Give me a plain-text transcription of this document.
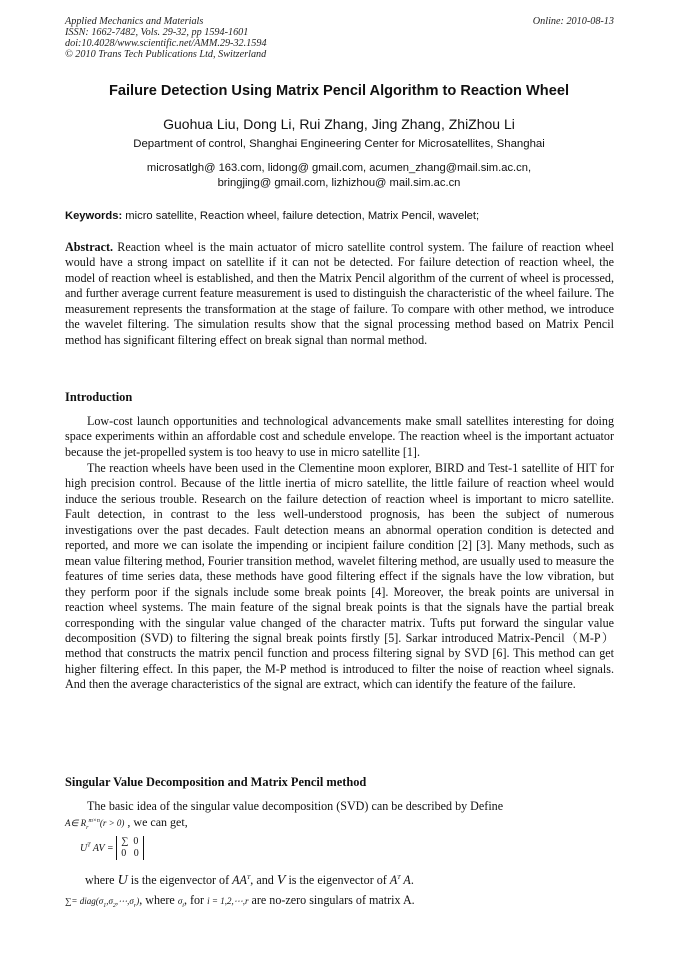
Applied Mechanics and Materials
ISSN: 1662-7482, Vols. 29-32, pp 1594-1601
doi:10.4028/www.scientific.net/AMM.29-32.1594
© 2010 Trans Tech Publications Ltd, Switzerland
Online: 2010-08-13
Failure Detection Using Matrix Pencil Algorithm to Reaction Wheel
Guohua Liu, Dong Li, Rui Zhang, Jing Zhang, ZhiZhou Li
Department of control, Shanghai Engineering Center for Microsatellites, Shanghai
microsatlgh@ 163.com, lidong@ gmail.com, acumen_zhang@mail.sim.ac.cn,
bringjing@ gmail.com, lizhizhou@ mail.sim.ac.cn
Keywords: micro satellite, Reaction wheel, failure detection, Matrix Pencil, wavelet;
Abstract. Reaction wheel is the main actuator of micro satellite control system. The failure of reaction wheel would have a strong impact on satellite if it can not be detected. For failure detection of reaction wheel, the model of reaction wheel is established, and then the Matrix Pencil algorithm of the current of wheel is processed, and further average current feature measurement is used to distinguish the characteristic of the wheel failure. The measurement represents the transformation at the stage of failure. To compare with other method, we introduce the wavelet filtering. The simulation results show that the signal processing method based on Matrix Pencil method has significant filtering effect on break signal than normal method.
Introduction
Low-cost launch opportunities and technological advancements make small satellites interesting for doing space experiments within an affordable cost and schedule envelope. The reaction wheel is the important actuator because the jet-propelled system is too heavy to use in micro satellite [1].
The reaction wheels have been used in the Clementine moon explorer, BIRD and Test-1 satellite of HIT for high precision control. Because of the little inertia of micro satellite, the little failure of reaction wheel would induce the serious trouble. Research on the failure detection of reaction wheel is important to micro satellite. Fault detection, in contrast to the less well-understood prognosis, has been the subject of numerous investigations over the past decades. Fault detection means an abnormal operation condition is detected and reported, and more we can isolate the impending or incipient failure condition [2] [3]. Many methods, such as mean value filtering method, Fourier transition method, wavelet filtering method, are usually used to measure the features of time series data, these methods have good filtering effect if the signals have the low vibration, but they perform poor if the signals include some break points [4]. Moreover, the break points are universal in reaction wheel systems. The main feature of the signal break points is that the signals have the partial break corresponding with the singular value changed of the character matrix. Tufts put forward the singular value decomposition (SVD) to filtering the signal break points firstly [5]. Sarkar introduced Matrix-Pencil（M-P）method that constructs the matrix pencil function and process filtering signal by SVD [6]. This method can get higher filtering effect. In this paper, the M-P method is introduced to filter the noise of reaction wheel signals. And then the average characteristics of the signal are extract, which can identify the feature of the failure.
Singular Value Decomposition and Matrix Pencil method
The basic idea of the singular value decomposition (SVD) can be described by Define
A∈ $R_r^{m\times n}(r > 0)$ , we can get,
$U^T$ AV = ∑  0
0   0
where U is the eigenvector of $AA^T$, and V is the eigenvector of $A^T$ A.
∑= $diag(\sigma_1,\sigma_2,\cdots,\sigma_r)$, where $\sigma_i$, for i = 1,2,⋯,r are no-zero singulars of matrix A.
